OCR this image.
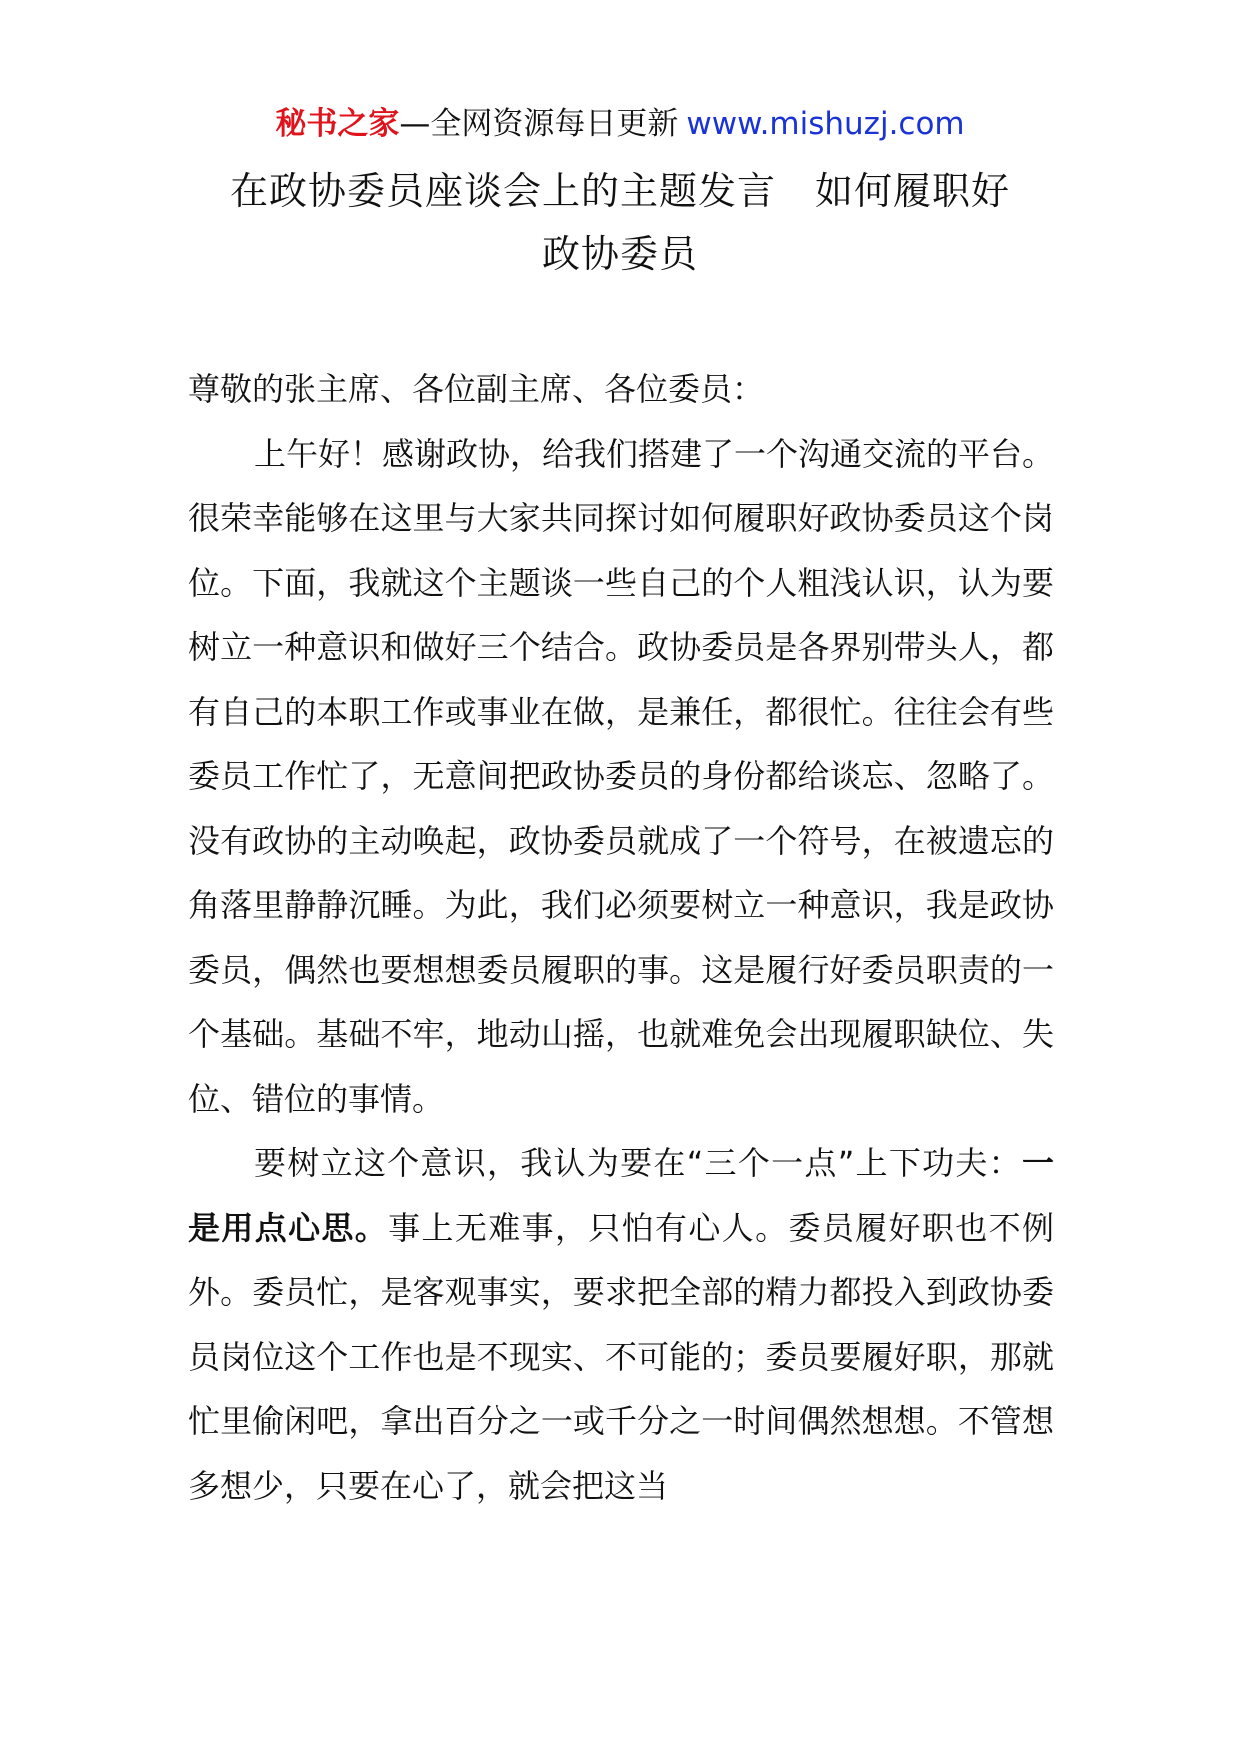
秘书之家—全网资源每日更新 www.mishuzj.com
在政协委员座谈会上的主题发言　如何履职好
政协委员

尊敬的张主席、各位副主席、各位委员：

上午好！感谢政协，给我们搭建了一个沟通交流的平台。很荣幸能够在这里与大家共同探讨如何履职好政协委员这个岗位。下面，我就这个主题谈一些自己的个人粗浅认识，认为要树立一种意识和做好三个结合。政协委员是各界别带头人，都有自己的本职工作或事业在做，是兼任，都很忙。往往会有些委员工作忙了，无意间把政协委员的身份都给谈忘、忽略了。没有政协的主动唤起，政协委员就成了一个符号，在被遗忘的角落里静静沉睡。为此，我们必须要树立一种意识，我是政协委员，偶然也要想想委员履职的事。这是履行好委员职责的一个基础。基础不牢，地动山摇，也就难免会出现履职缺位、失位、错位的事情。

要树立这个意识，我认为要在“三个一点”上下功夫：一是用点心思。事上无难事，只怕有心人。委员履好职也不例外。委员忙，是客观事实，要求把全部的精力都投入到政协委员岗位这个工作也是不现实、不可能的；委员要履好职，那就忙里偷闲吧，拿出百分之一或千分之一时间偶然想想。不管想多想少，只要在心了，就会把这当
